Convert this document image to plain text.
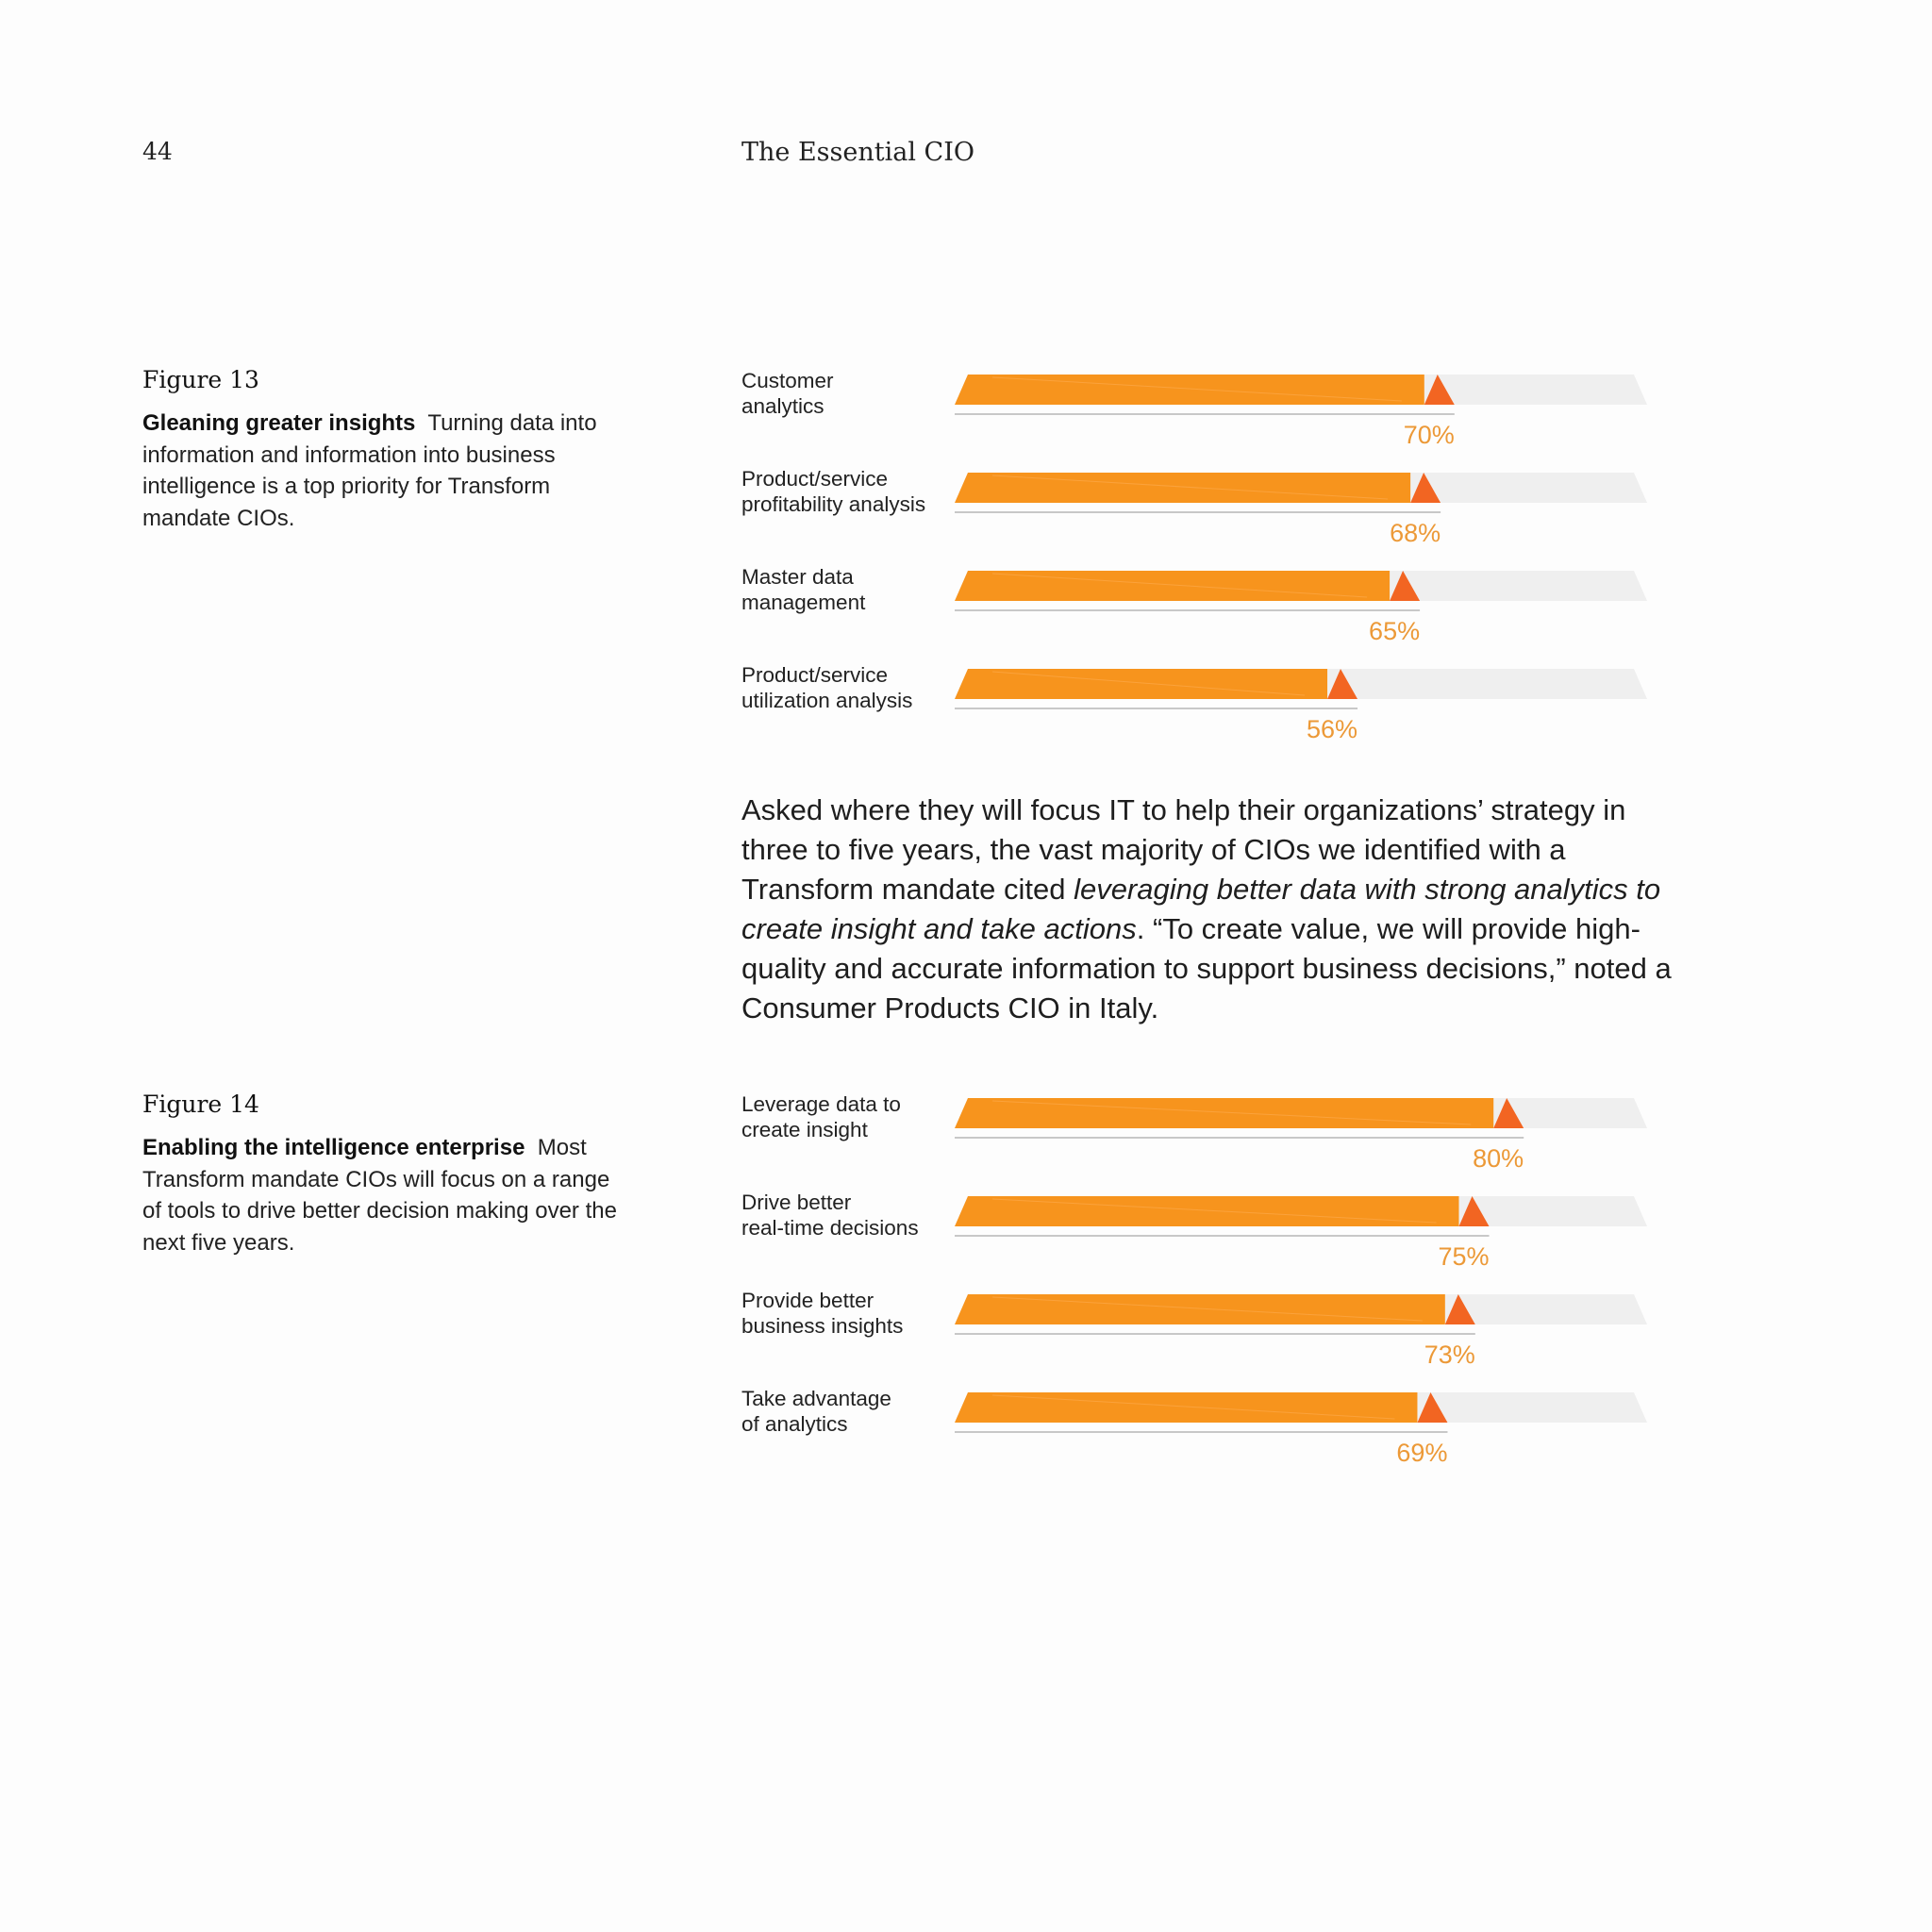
44	The Essential CIO
Figure 13
Gleaning greater insights Turning data into information and information into business intelligence is a top priority for Transform mandate CIOs.
Customer
analytics
70%
Product/service
profitability analysis
68%
Master data
management
65%
Product/service
utilization analysis
56%
Asked where they will focus IT to help their organizations’ strategy in three to five years, the vast majority of CIOs we identified with a Transform mandate cited leveraging better data with strong analytics to create insight and take actions. “To create value, we will provide high-quality and accurate information to support business decisions,” noted a Consumer Products CIO in Italy.
Figure 14
Enabling the intelligence enterprise Most Transform mandate CIOs will focus on a range of tools to drive better decision making over the next five years.
Leverage data to
create insight
80%
Drive better
real-time decisions
75%
Provide better
business insights
73%
Take advantage
of analytics
69%
